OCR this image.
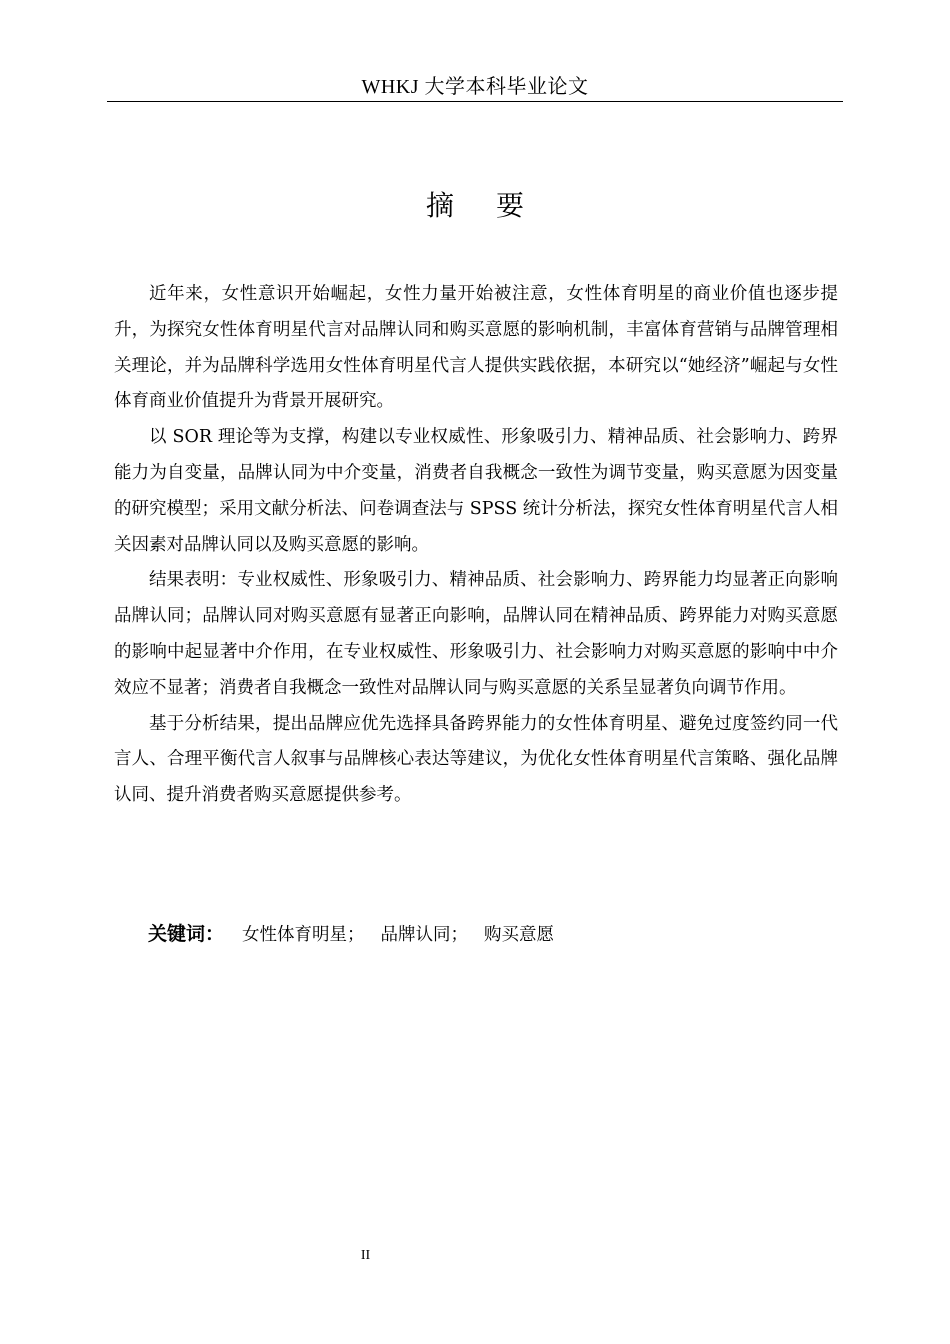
WHKJ 大学本科毕业论文
摘要

近年来，女性意识开始崛起，女性力量开始被注意，女性体育明星的商业价值也逐步提升，为探究女性体育明星代言对品牌认同和购买意愿的影响机制，丰富体育营销与品牌管理相关理论，并为品牌科学选用女性体育明星代言人提供实践依据，本研究以“她经济”崛起与女性体育商业价值提升为背景开展研究。

以 SOR 理论等为支撑，构建以专业权威性、形象吸引力、精神品质、社会影响力、跨界能力为自变量，品牌认同为中介变量，消费者自我概念一致性为调节变量，购买意愿为因变量的研究模型；采用文献分析法、问卷调查法与 SPSS 统计分析法，探究女性体育明星代言人相关因素对品牌认同以及购买意愿的影响。

结果表明：专业权威性、形象吸引力、精神品质、社会影响力、跨界能力均显著正向影响品牌认同；品牌认同对购买意愿有显著正向影响，品牌认同在精神品质、跨界能力对购买意愿的影响中起显著中介作用，在专业权威性、形象吸引力、社会影响力对购买意愿的影响中中介效应不显著；消费者自我概念一致性对品牌认同与购买意愿的关系呈显著负向调节作用。

基于分析结果，提出品牌应优先选择具备跨界能力的女性体育明星、避免过度签约同一代言人、合理平衡代言人叙事与品牌核心表达等建议，为优化女性体育明星代言策略、强化品牌认同、提升消费者购买意愿提供参考。

关键词： 女性体育明星； 品牌认同； 购买意愿
II
